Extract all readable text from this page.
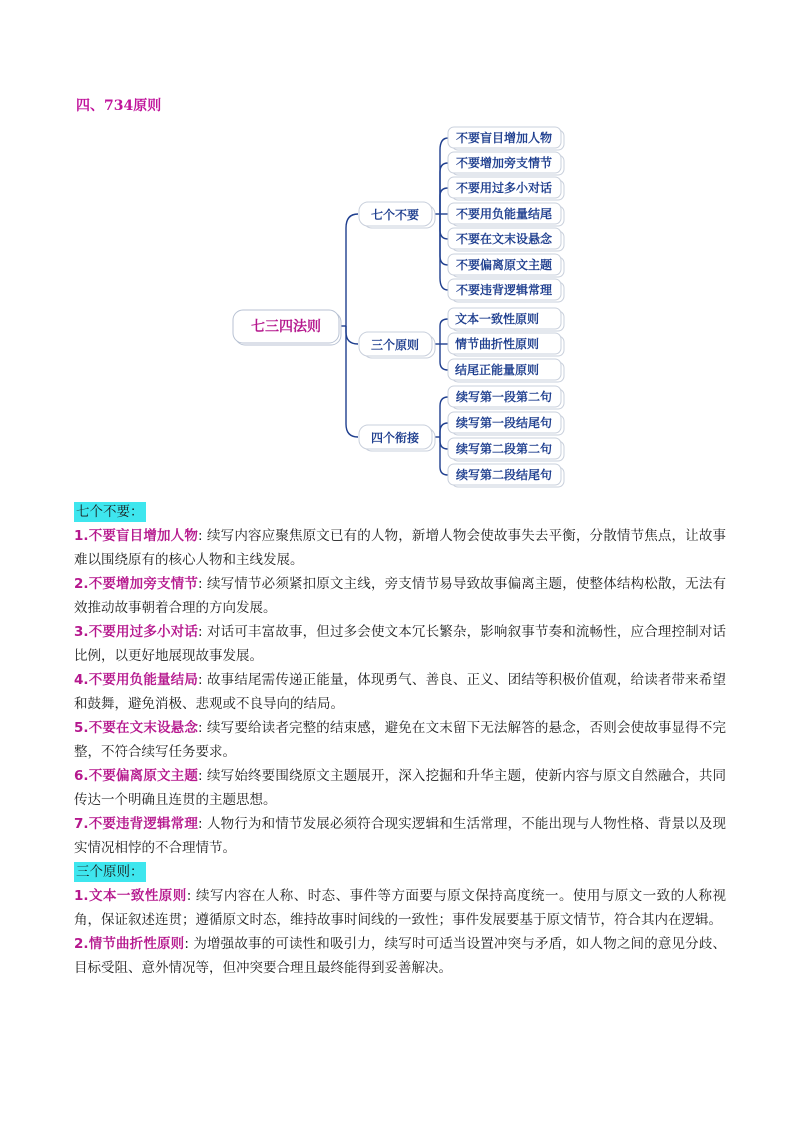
四、734原则
七三四法则
七个不要
三个原则
四个衔接
不要盲目增加人物
不要增加旁支情节
不要用过多小对话
不要用负能量结尾
不要在文末设悬念
不要偏离原文主题
不要违背逻辑常理
文本一致性原则
情节曲折性原则
结尾正能量原则
续写第一段第二句
续写第一段结尾句
续写第二段第二句
续写第二段结尾句
七个不要：

1.不要盲目增加人物: 续写内容应聚焦原文已有的人物，新增人物会使故事失去平衡，分散情节焦点，让故事难以围绕原有的核心人物和主线发展。

2.不要增加旁支情节: 续写情节必须紧扣原文主线，旁支情节易导致故事偏离主题，使整体结构松散，无法有效推动故事朝着合理的方向发展。

3.不要用过多小对话: 对话可丰富故事，但过多会使文本冗长繁杂，影响叙事节奏和流畅性，应合理控制对话比例，以更好地展现故事发展。

4.不要用负能量结局: 故事结尾需传递正能量，体现勇气、善良、正义、团结等积极价值观，给读者带来希望和鼓舞，避免消极、悲观或不良导向的结局。

5.不要在文末设悬念: 续写要给读者完整的结束感，避免在文末留下无法解答的悬念，否则会使故事显得不完整，不符合续写任务要求。

6.不要偏离原文主题: 续写始终要围绕原文主题展开，深入挖掘和升华主题，使新内容与原文自然融合，共同传达一个明确且连贯的主题思想。

7.不要违背逻辑常理: 人物行为和情节发展必须符合现实逻辑和生活常理，不能出现与人物性格、背景以及现实情况相悖的不合理情节。

三个原则：

1.文本一致性原则: 续写内容在人称、时态、事件等方面要与原文保持高度统一。使用与原文一致的人称视角，保证叙述连贯；遵循原文时态，维持故事时间线的一致性；事件发展要基于原文情节，符合其内在逻辑。

2.情节曲折性原则: 为增强故事的可读性和吸引力，续写时可适当设置冲突与矛盾，如人物之间的意见分歧、目标受阻、意外情况等，但冲突要合理且最终能得到妥善解决。
